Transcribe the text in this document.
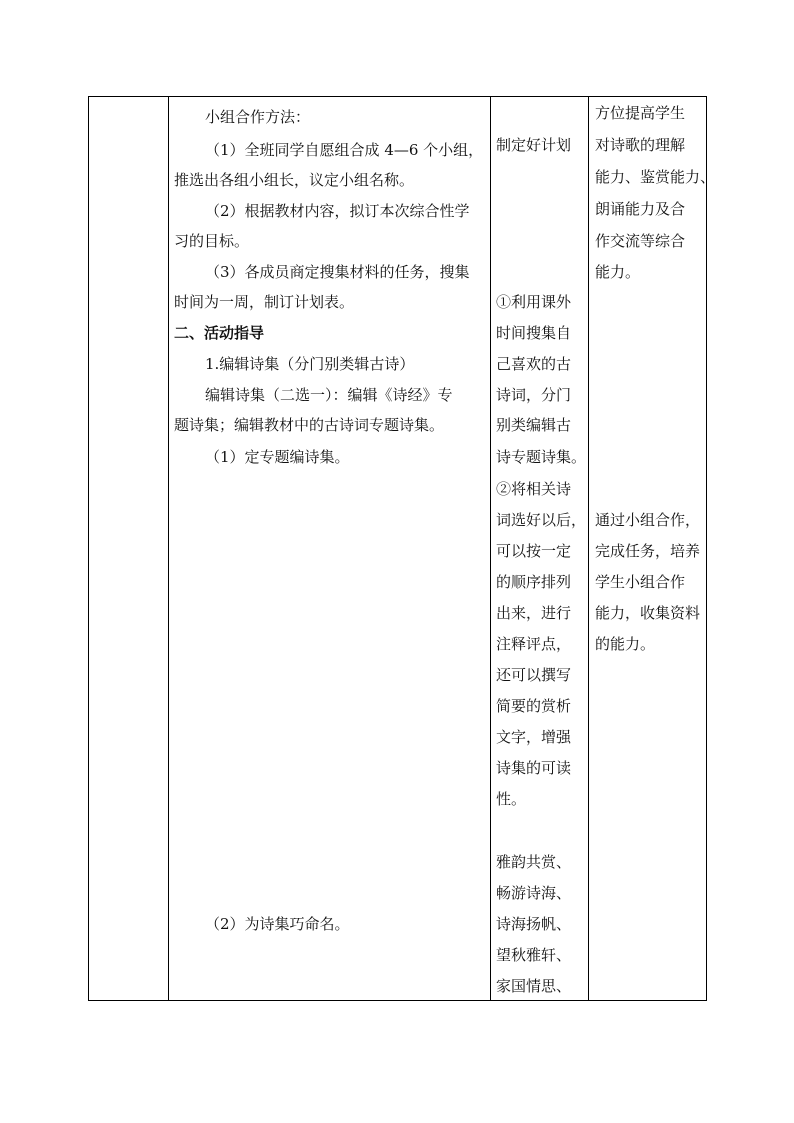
小组合作方法：
（1）全班同学自愿组合成 4—6 个小组，
推选出各组小组长，议定小组名称。
（2）根据教材内容，拟订本次综合性学
习的目标。
（3）各成员商定搜集材料的任务，搜集
时间为一周，制订计划表。
二、活动指导
1.编辑诗集（分门别类辑古诗）
编辑诗集（二选一）：编辑《诗经》专
题诗集；编辑教材中的古诗词专题诗集。
（1）定专题编诗集。
（2）为诗集巧命名。
制定好计划
①利用课外
时间搜集自
己喜欢的古
诗词，分门
别类编辑古
诗专题诗集。
②将相关诗
词选好以后，
可以按一定
的顺序排列
出来，进行
注释评点，
还可以撰写
简要的赏析
文字，增强
诗集的可读
性。
雅韵共赏、
畅游诗海、
诗海扬帆、
望秋雅轩、
家国情思、
方位提高学生
对诗歌的理解
能力、鉴赏能力、
朗诵能力及合
作交流等综合
能力。
通过小组合作，
完成任务，培养
学生小组合作
能力，收集资料
的能力。
